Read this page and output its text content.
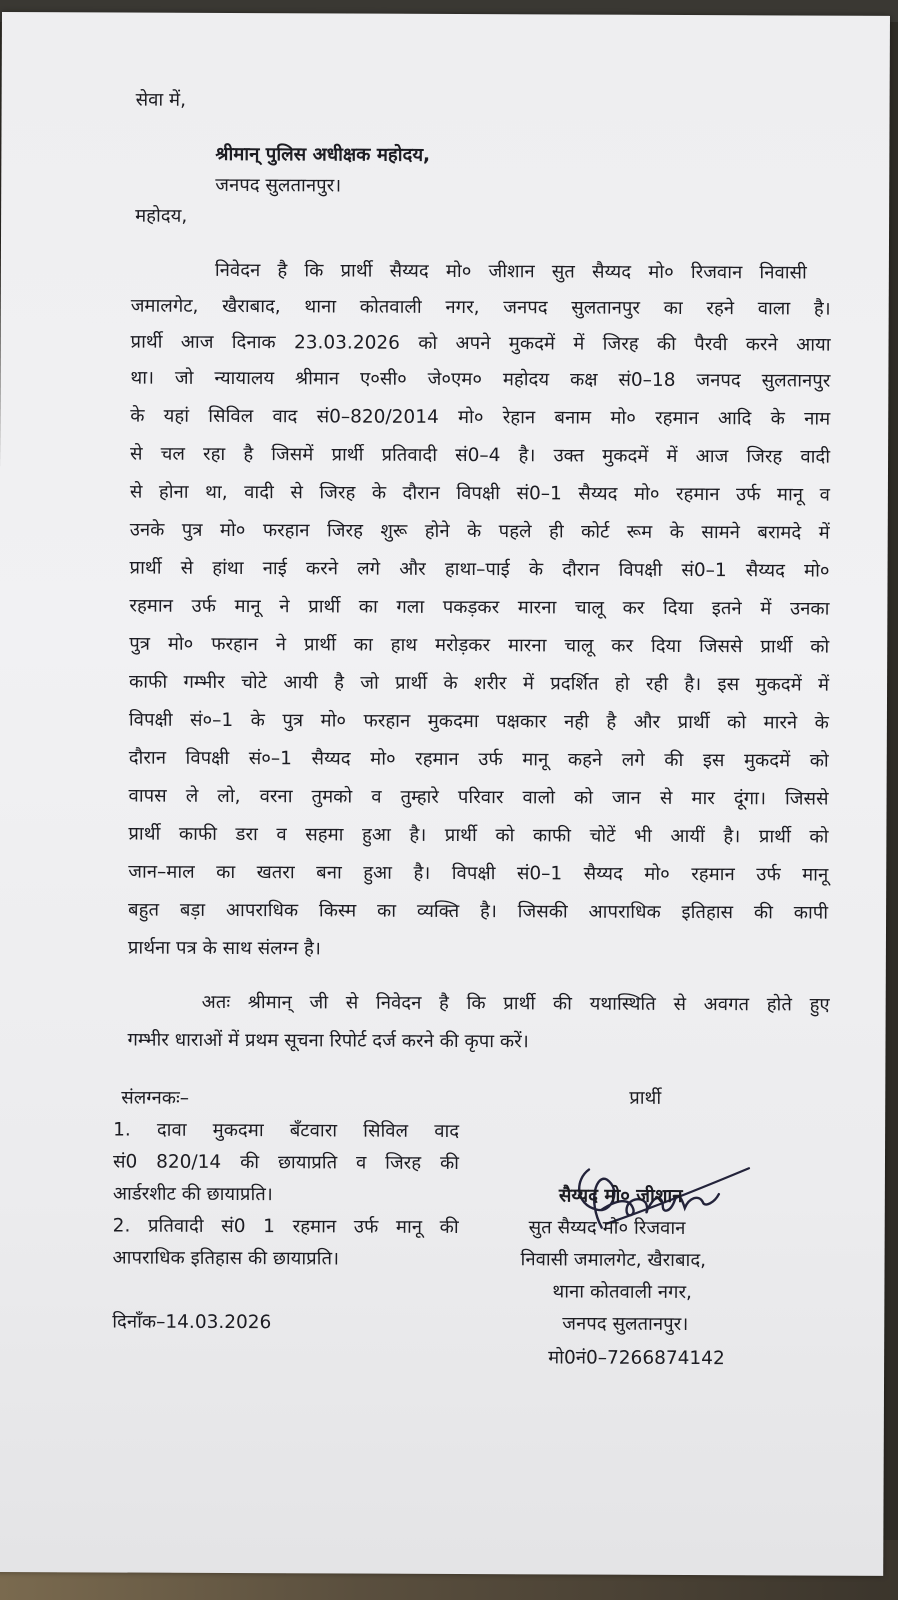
सेवा में,
श्रीमान् पुलिस अधीक्षक महोदय,
जनपद सुलतानपुर।
महोदय,
निवेदन है कि प्रार्थी सैय्यद मो० जीशान सुत सैय्यद मो० रिजवान निवासी
जमालगेट, खैराबाद, थाना कोतवाली नगर, जनपद सुलतानपुर का रहने वाला है।
प्रार्थी आज दिनाक 23.03.2026 को अपने मुकदमें में जिरह की पैरवी करने आया
था। जो न्यायालय श्रीमान ए०सी० जे०एम० महोदय कक्ष सं0–18 जनपद सुलतानपुर
के यहां सिविल वाद सं0–820/2014 मो० रेहान बनाम मो० रहमान आदि के नाम
से चल रहा है जिसमें प्रार्थी प्रतिवादी सं0–4 है। उक्त मुकदमें में आज जिरह वादी
से होना था, वादी से जिरह के दौरान विपक्षी सं0–1 सैय्यद मो० रहमान उर्फ मानू व
उनके पुत्र मो० फरहान जिरह शुरू होने के पहले ही कोर्ट रूम के सामने बरामदे में
प्रार्थी से हांथा नाई करने लगे और हाथा–पाई के दौरान विपक्षी सं0–1 सैय्यद मो०
रहमान उर्फ मानू ने प्रार्थी का गला पकड़कर मारना चालू कर दिया इतने में उनका
पुत्र मो० फरहान ने प्रार्थी का हाथ मरोड़कर मारना चालू कर दिया जिससे प्रार्थी को
काफी गम्भीर चोटे आयी है जो प्रार्थी के शरीर में प्रदर्शित हो रही है। इस मुकदमें में
विपक्षी सं०–1 के पुत्र मो० फरहान मुकदमा पक्षकार नही है और प्रार्थी को मारने के
दौरान विपक्षी सं०–1 सैय्यद मो० रहमान उर्फ मानू कहने लगे की इस मुकदमें को
वापस ले लो, वरना तुमको व तुम्हारे परिवार वालो को जान से मार दूंगा। जिससे
प्रार्थी काफी डरा व सहमा हुआ है। प्रार्थी को काफी चोटें भी आयीं है। प्रार्थी को
जान–माल का खतरा बना हुआ है। विपक्षी सं0–1 सैय्यद मो० रहमान उर्फ मानू
बहुत बड़ा आपराधिक किस्म का व्यक्ति है। जिसकी आपराधिक इतिहास की कापी
प्रार्थना पत्र के साथ संलग्न है।
अतः श्रीमान् जी से निवेदन है कि प्रार्थी की यथास्थिति से अवगत होते हुए
गम्भीर धाराओं में प्रथम सूचना रिपोर्ट दर्ज करने की कृपा करें।
संलग्नकः–
1. दावा मुकदमा बँटवारा सिविल वाद
सं0 820/14 की छायाप्रति व जिरह की
आर्डरशीट की छायाप्रति।
2. प्रतिवादी सं0 1 रहमान उर्फ मानू की
आपराधिक इतिहास की छायाप्रति।
दिनाँक–14.03.2026
प्रार्थी
सैय्यद मो० जीशान
सुत सैय्यद मो० रिजवान
निवासी जमालगेट, खैराबाद,
थाना कोतवाली नगर,
जनपद सुलतानपुर।
मो0नं0–7266874142
